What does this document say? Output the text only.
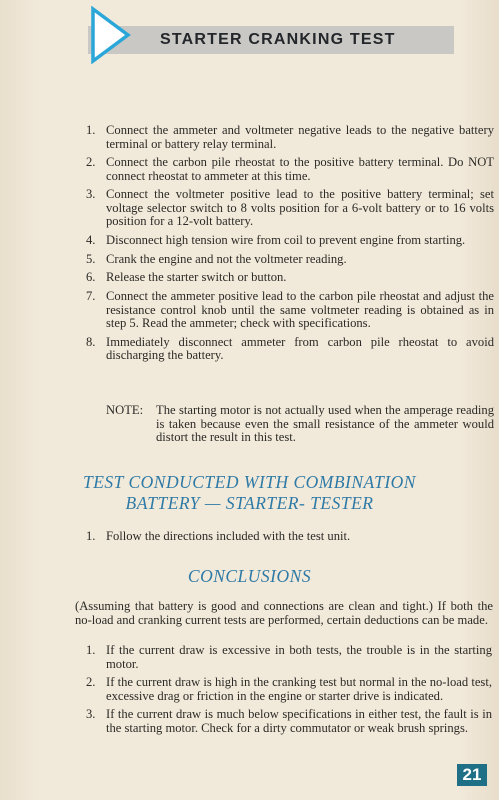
STARTER CRANKING TEST
1. Connect the ammeter and voltmeter negative leads to the negative battery terminal or battery relay terminal.
2. Connect the carbon pile rheostat to the positive battery terminal. Do NOT connect rheostat to ammeter at this time.
3. Connect the voltmeter positive lead to the positive battery terminal; set voltage selector switch to 8 volts position for a 6-volt battery or to 16 volts position for a 12-volt battery.
4. Disconnect high tension wire from coil to prevent engine from starting.
5. Crank the engine and not the voltmeter reading.
6. Release the starter switch or button.
7. Connect the ammeter positive lead to the carbon pile rheostat and adjust the resistance control knob until the same voltmeter reading is obtained as in step 5. Read the ammeter; check with specifications.
8. Immediately disconnect ammeter from carbon pile rheostat to avoid discharging the battery.
NOTE: The starting motor is not actually used when the amperage reading is taken because even the small resistance of the ammeter would distort the result in this test.
TEST CONDUCTED WITH COMBINATION
BATTERY — STARTER- TESTER
1. Follow the directions included with the test unit.
CONCLUSIONS
(Assuming that battery is good and connections are clean and tight.) If both the no-load and cranking current tests are performed, certain deductions can be made.
1. If the current draw is excessive in both tests, the trouble is in the starting motor.
2. If the current draw is high in the cranking test but normal in the no-load test, excessive drag or friction in the engine or starter drive is indicated.
3. If the current draw is much below specifications in either test, the fault is in the starting motor. Check for a dirty commutator or weak brush springs.
21
